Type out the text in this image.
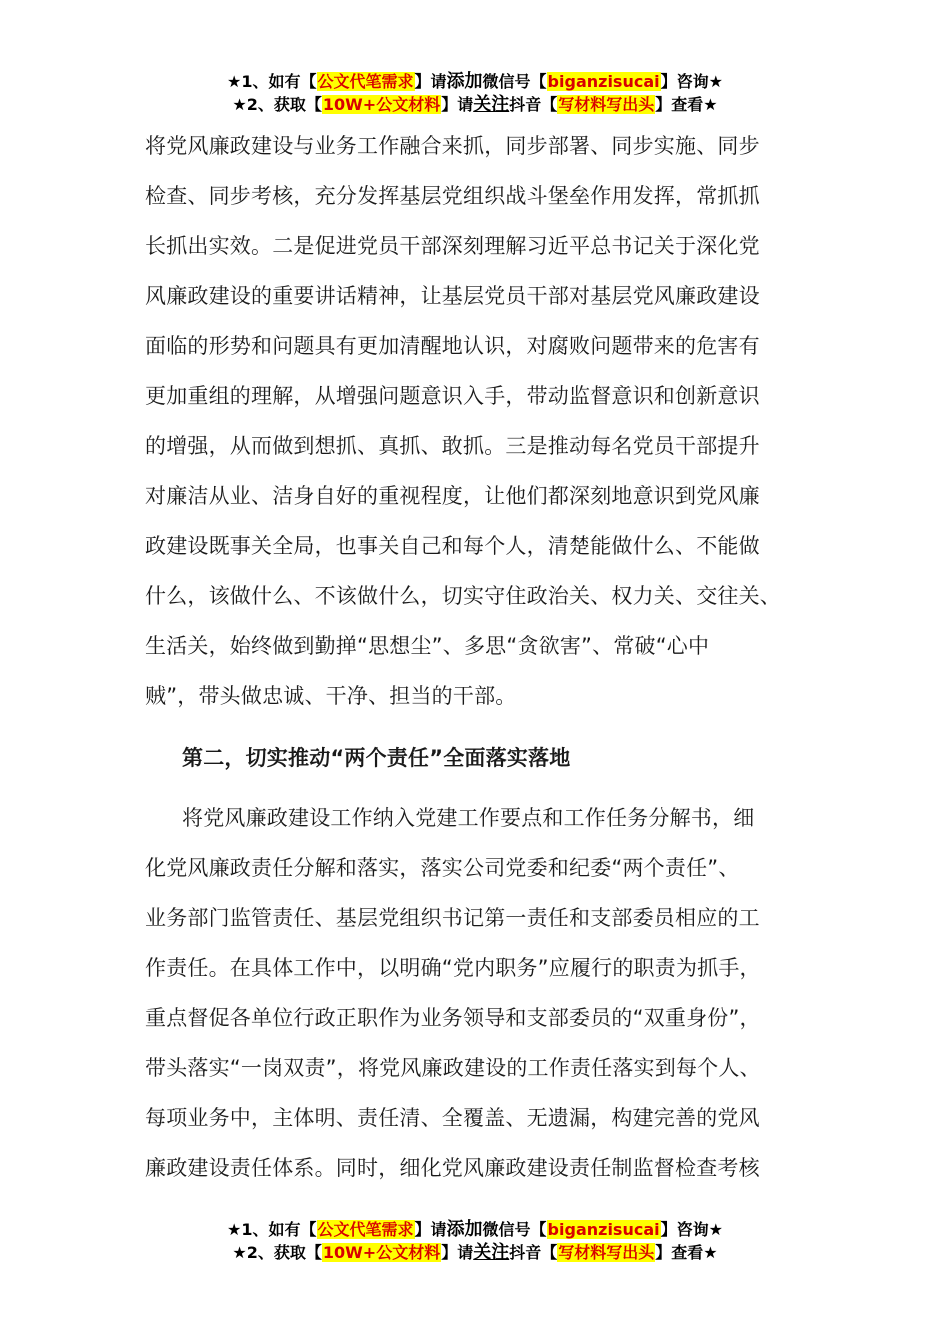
★1、如有【公文代笔需求】请添加微信号【biganzisucai】咨询★
★2、获取【10W+公文材料】请关注抖音【写材料写出头】查看★
将党风廉政建设与业务工作融合来抓，同步部署、同步实施、同步
检查、同步考核，充分发挥基层党组织战斗堡垒作用发挥，常抓抓
长抓出实效。二是促进党员干部深刻理解习近平总书记关于深化党
风廉政建设的重要讲话精神，让基层党员干部对基层党风廉政建设
面临的形势和问题具有更加清醒地认识，对腐败问题带来的危害有
更加重组的理解，从增强问题意识入手，带动监督意识和创新意识
的增强，从而做到想抓、真抓、敢抓。三是推动每名党员干部提升
对廉洁从业、洁身自好的重视程度，让他们都深刻地意识到党风廉
政建设既事关全局，也事关自己和每个人，清楚能做什么、不能做
什么，该做什么、不该做什么，切实守住政治关、权力关、交往关、
生活关，始终做到勤掸“思想尘”、多思“贪欲害”、常破“心中
贼”，带头做忠诚、干净、担当的干部。
第二，切实推动“两个责任”全面落实落地
将党风廉政建设工作纳入党建工作要点和工作任务分解书，细
化党风廉政责任分解和落实，落实公司党委和纪委“两个责任”、
业务部门监管责任、基层党组织书记第一责任和支部委员相应的工
作责任。在具体工作中，以明确“党内职务”应履行的职责为抓手，
重点督促各单位行政正职作为业务领导和支部委员的“双重身份”，
带头落实“一岗双责”，将党风廉政建设的工作责任落实到每个人、
每项业务中，主体明、责任清、全覆盖、无遗漏，构建完善的党风
廉政建设责任体系。同时，细化党风廉政建设责任制监督检查考核
★1、如有【公文代笔需求】请添加微信号【biganzisucai】咨询★
★2、获取【10W+公文材料】请关注抖音【写材料写出头】查看★
